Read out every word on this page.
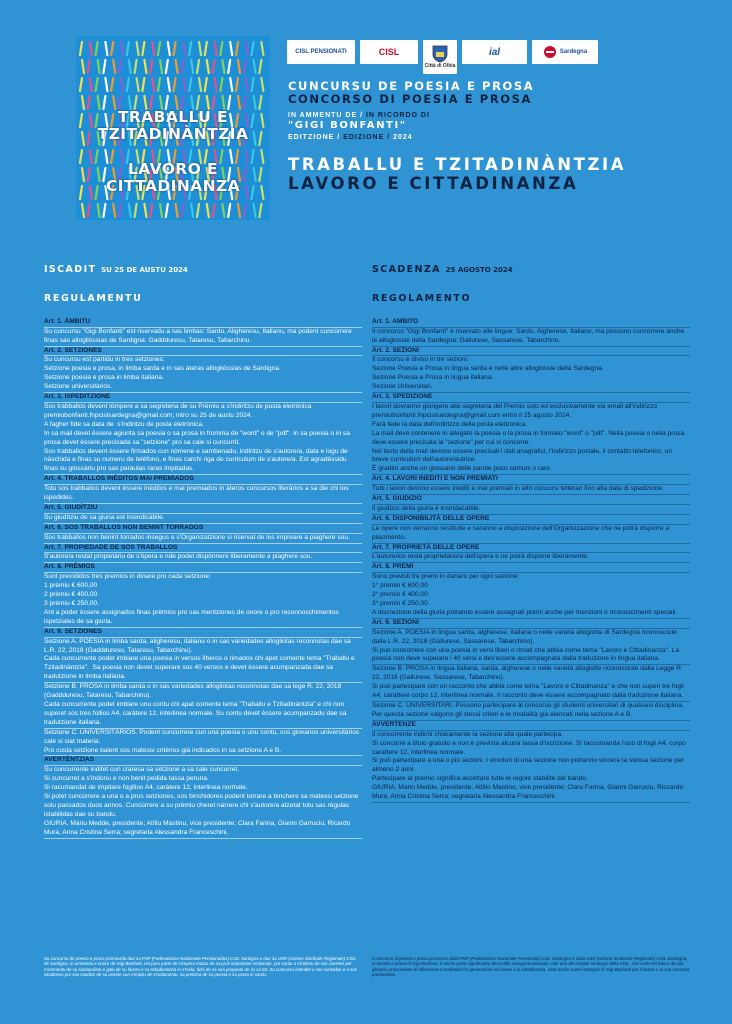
TRABALLU E
TZITADINÀNTZIA
LAVORO E
CITTADINANZA
CISL PENSIONATI	CISL
Città di Olbia
ial	Sardegna
CUNCURSU DE POESIA E PROSA
CONCORSO DI POESIA E PROSA
IN AMMENTU DE / IN RICORDO DI
"GIGI BONFANTI"
EDITZIONE / EDIZIONE / 2024
TRABALLU E TZITADINÀNTZIA
LAVORO E CITTADINANZA
ISCADIT SU 25 DE AUSTU 2024
REGULAMENTU
Art. 1. ÀMBITU
Su cuncursu "Gigi Bonfanti" est riservadu a sas limbas: Sardu, Aligheresu, Italianu, ma podent cuncùrrere finas sas allogliòssias de Sardigna: Gaddduresu, Tataresu, Tabarchinu.
Art. 2. SETZIONES
Su cuncursu est partidu in tres setziones:
Setzione poesia e prosa, in limba sarda e in sas àteras allogliòssias de Sardigna.
Setzione poesia e prosa in limba italiana.
Setzione universitàrios.
Art. 3. ISPEDITZIONE
Sos trabballos devent lòmpere a sa segreteria de su Prèmiu a s'indiritzu de posta eletrònica premiobonfanti.fnpcislsardegna@gmail.com; intro su 25 de austu 2024.
A fagher fide sa data de  s'indiritzu de posta eletrònica.
In sa mail devet èssere agiunta sa poesia o sa prosa in fromma de "word" o de "pdf". In sa poesia o in sa prosa devet èssere precisada sa "setzione" pro sa cale si cuncurrit.
Sos trabballos devent èssere firmados cun nòmene e sambenadu, indiritzu de s'autore/a, data e logu de nàschida e finas su numeru de telèfono, e finas carchi riga de curriculum de s'autore/a. Est agradèssidu finas su glossàriu pro sas paràulas raras impitadas.
Art. 4. TRABALLOS INÈDITOS MAI PREMIADOS
Totu sos trabballos devent èssere inèditos e mai premiados in àteros cuncursos literàrios a sa die chi los ispedides.
Art. 5. GIUDÌTZIU
Su giudìtziu de sa giuria est insindicàbile.
Art. 6. SOS TRABALLOS NON BENINT TORRADOS
Sos trabballos non benint torrados insegus e s'Organizatzione si riservat de los impreare a piaghere sou.
Art. 7. PROPIEDADE DE SOS TRABALLOS
S'autore/a restat propietàriu de s'òpera e nde podet dispònnere liberamente a piaghere sou.
Art. 8. PRÈMIOS
Sunt prevìdidos tres premios in dinare pro cada setzione:
1 prèmiu € 600,00
2 prèmiu € 400,00
3 prèmiu € 250,00.
Ant a poder èssere assignados finas prèmios pro sas mentziones de onore o pro reconnoschimentos ispetziales de sa giuria.
Art. 9. SETZIONES
Setzione A. POESIA in limba sarda, aligheresu, italianu o in sas variedades allogliotas reconnotas dae sa L.R. 22, 2018 (Gaddduresu, Tataresu, Tabarchinu).
Cada cuncurrente podet imbiare una poesia in versos lìberos o rimados chi apet comente tema "Traballu e Tzitadinàntzia".  Sa poesia non devet superare sos 40 versos e devet èssere acumpanzada dae sa tradutzione in limba italiana.
Setzione B. PROSA in limba sarda o in sas variedades allogliotas reconnotas dae sa lege R. 22, 2018 (Gaddduresu, Tataresu, Tabarchinu).
Cada cuncurrente podet imbiare unu contu chi apat comente tema "Traballu e Tzitadinàntzia" e chi non superet sos tres follios A4, caràtere 12, interlinea normale. Su contu devet èssere acumpanzadu dae sa tradutzione italiana.
Setzione C. UNIVERSITÀRIOS. Podent cuncùrrere cun una poesia o unu contu, sos giovanos universitàrios cale si siat materia.
Pro custa setzione balent sos matessi critèrios già indicados in sa setzione A e B.
AVERTÈNTZIAS
Su cuncurrente inditet cun craresa sa setzione a sa cale cuncurret.
Si cuncurret a s'indonu e non benit pedida tassa peruna.
Si racumandat de impitare fogllios A4, caràtere 12, interlinea normale.
Si potet cuncùrrere a una o a prus setziones, sos binchidores podent torrare a binchere sa matessi setzione solu passados duos annos. Cuncùrrere a su prèmiu cheret nàrrere chi s'autore/a atzetat totu sas règulas istabilidas dae su bandu.
GIURIA. Màriu Medde, presidente; Atìliu Mastinu, vice presidente; Clara Farina, Gianni Garruciu, Ricardo Mura, Anna Cristina Serra; segretaria Alessandra Franceschini.
SCADENZA 25 AGOSTO 2024
REGOLAMENTO
Art. 1. AMBITO
Il concorso "Gigi Bonfanti" è riservato alle lingue: Sardo, Algherese, Italiano, ma possono concorrere anche le alloglossie della Sardegna: Gallurese, Sassarese, Tabarchino.
Art. 2. SEZIONI
Il concorso è diviso in tre sezioni.
Sezione Poesia e Prosa in lingua sarda e nelle altre alloglossie della Sardegna.
Sezione Poesia e Prosa in lingua italiana.
Sezione Universitari.
Art. 3. SPEDIZIONE
I lavori dovranno giungere alla segreteria del Premio solo ed esclusivamente via email all'indirizzo premiobonfanti.fnpcislsardegna@gmail.com entro il 25 agosto 2024.
Farà fede la data dell'indirizzo della posta elettronica.
La mail deve contenere in allegato la poesia o la prosa in formato "word" o "pdf". Nella poesia o nella prosa deve essere precisata la "sezione" per cui si concorre.
Nel testo della mail devono essere precisati i dati anagrafici, l'indirizzo postale, il contatto telefonico, un breve curriculum dell'autore/autrice.
È gradito anche un glossario delle parole poco comuni o rare.
Art. 4. LAVORI INEDITI E NON PREMIATI
Tutti i lavori devono essere inediti e mai premiati in altri concorsi letterari fino alla data di spedizione.
Art. 5. GIUDIZIO
Il giudizio della giuria è insindacabile.
Art. 6. DISPONIBILITÀ DELLE OPERE
Le opere non verranno restituite e saranno a disposizione dell'Organizzazione che ne potrà disporre a piacimento.
Art. 7. PROPRIETÀ DELLE OPERE
L'autore/ice resta proprietario/a dell'opera e ne potrà disporre liberamente.
Art. 8. PREMI
Sono previsti tre premi in danaro per ogni sezione:
1° premio € 600,00
2° premio € 400,00
3° premio € 250,00.
A discrezione della giuria potranno essere assegnati premi anche per menzioni o riconoscimenti speciali.
Art. 9. SEZIONI
Sezione A. POESIA in lingua sarda, algherese, italiana o nelle varietà alloglotte di Sardegna riconosciute dalla L.R. 22, 2018 (Gallurese, Sassarese, Tabarchino).
Si può concorrere con una poesia in versi liberi o rimati che abbia come tema "Lavoro e Cittadinanza". La poesia non deve superare i 40 versi e dev'essere accompagnata dalla traduzione in lingua italiana.
Sezione B. PROSA in lingua italiana, sarda, algherese o nelle varietà alloglotte riconosciute dalla Legge R 22, 2018 (Gallurese, Sassarese, Tabarchino).
Si può partecipare con un racconto che abbia come tema "Lavoro e Cittadinanza" e che non superi tre fogli A4, carattere corpo 12, interlinea normale. Il racconto deve essere accompagnato dalla traduzione italiana.
Sezione C. UNIVERSITARI. Possono partecipare al concorso gli studenti universitari di qualsiasi disciplina.
Per questa sezione valgono gli stessi criteri e le modalità già elencati nella sezione A e B.
AVVERTENZE
Il concorrente indichi chiaramente la sezione alla quale partecipa.
Si concorre a titolo gratuito e non è prevista alcuna tassa d'iscrizione. Si raccomanda l'uso di fogli A4, corpo carattere 12, interlinea normale.
Si può partecipare a una o più sezioni. I vincitori di una sezione non potranno vincere la stessa sezione per almeno 2 anni.
Partecipare al premio significa accettare tutte le regole stabilite dal bando.
GIURIA. Mario Medde, presidente; Attilio Mastino, vice presidente; Clara Farina, Gianni Garruciu, Riccardo Mura, Anna Cristina Serra; segretaria Alessandra Franceschini.
Su cuncursu de poesia e prosa promovidu dae sa FNP (Federatzione Natzionale Pensionados) CISL Sardigna e dae sa USR (Unione Sindicale Regionale) CISL de Sardigna, in ammentu e onore de Gigi Bonfanti, est puru parte de s'imperu matzu de sa prus importante sindacale, pro cantu a s'indonu de sos caentes per s'ammentu de su sindacalista e galu de su lavoro e sa tzitadinàntzia in s'Isola, fichi de sa sua proposta de sa su tot. Su cuncursu intendet a sos cuntados e a sos istudiosos pro sos istudios de sa unione cun s'impitu de s'isolamentu, sa pretzisa de sa poesia e sa prosa in sardu.
Il concorso di poesia e prosa promosso dalla FNP (Federazione Nazionale Pensionati) CISL Sardegna e dalla USR (Unione Sindacale Regionale) CISL Sardegna, in ricordo e onore di Gigi Bonfanti, è anche parte significativa del profilo intergenerazionale, cioè uno dei compiti strategici della CISL, che vede nel futuro dei più giovani un'occasione di riflessione e continuità fra generazioni sul lavoro e la cittadinanza, vista anche come impegno di Gigi Bonfanti per il lavoro e la sua concreta promozione.
